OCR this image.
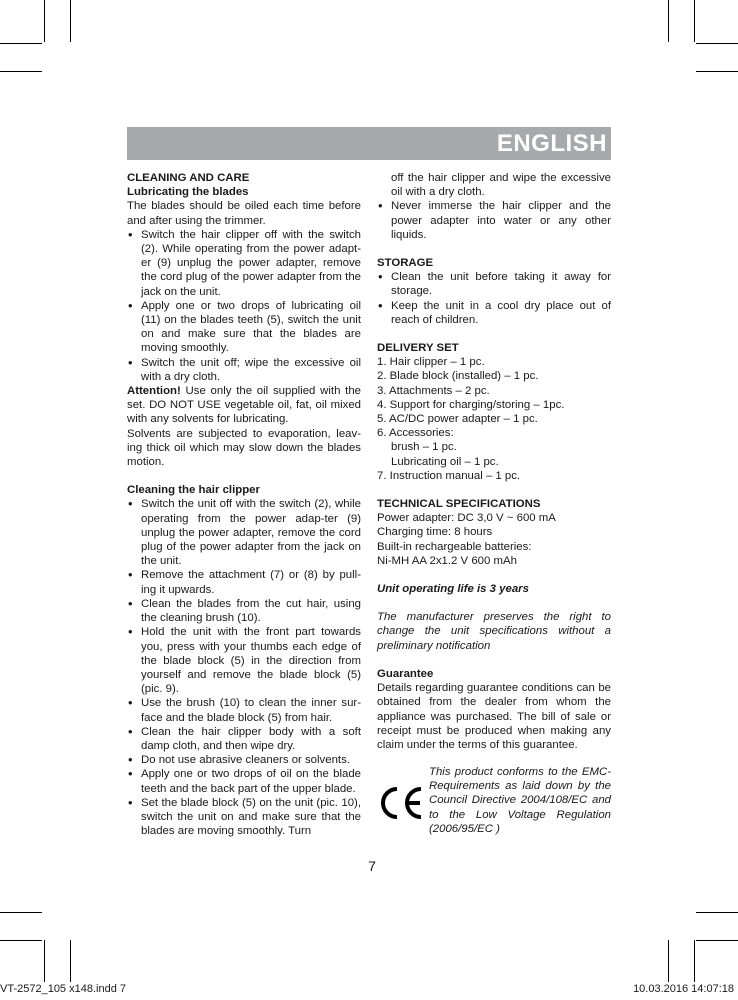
ENGLISH

CLEANING AND CARE

Lubricating the blades

The blades should be oiled each time before and after using the trimmer.

• Switch the hair clipper off with the switch (2). While operating from the power adapt-er (9) unplug the power adapter, remove the cord plug of the power adapter from the jack on the unit.
• Apply one or two drops of lubricating oil (11) on the blades teeth (5), switch the unit on and make sure that the blades are moving smoothly.
• Switch the unit off; wipe the excessive oil with a dry cloth.

Attention! Use only the oil supplied with the set. DO NOT USE vegetable oil, fat, oil mixed with any solvents for lubricating.

Solvents are subjected to evaporation, leav-ing thick oil which may slow down the blades motion.

Cleaning the hair clipper

• Switch the unit off with the switch (2), while operating from the power adap-ter (9) unplug the power adapter, remove the cord plug of the power adapter from the jack on the unit.
• Remove the attachment (7) or (8) by pull-ing it upwards.
• Clean the blades from the cut hair, using the cleaning brush (10).
• Hold the unit with the front part towards you, press with your thumbs each edge of the blade block (5) in the direction from yourself and remove the blade block (5) (pic. 9).
• Use the brush (10) to clean the inner sur-face and the blade block (5) from hair.
• Clean the hair clipper body with a soft damp cloth, and then wipe dry.
• Do not use abrasive cleaners or solvents.
• Apply one or two drops of oil on the blade teeth and the back part of the upper blade.
• Set the blade block (5) on the unit (pic. 10), switch the unit on and make sure that the blades are moving smoothly. Turn

off the hair clipper and wipe the excessive oil with a dry cloth.

• Never immerse the hair clipper and the power adapter into water or any other liquids.

STORAGE

• Clean the unit before taking it away for storage.
• Keep the unit in a cool dry place out of reach of children.

DELIVERY SET

1. Hair clipper – 1 pc.
2. Blade block (installed) – 1 pc.
3. Attachments – 2 pc.
4. Support for charging/storing – 1pc.
5. AC/DC power adapter – 1 pc.
6. Accessories:
brush – 1 pc.
Lubricating oil – 1 pc.
7. Instruction manual – 1 pc.

TECHNICAL SPECIFICATIONS

Power adapter: DC 3,0 V ~ 600 mA

Charging time: 8 hours

Built-in rechargeable batteries:

Ni-MH AA 2x1.2 V 600 mAh

Unit operating life is 3 years

The manufacturer preserves the right to change the unit specifications without a preliminary notification

Guarantee

Details regarding guarantee conditions can be obtained from the dealer from whom the appliance was purchased. The bill of sale or receipt must be produced when making any claim under the terms of this guarantee.

This product conforms to the EMC-Requirements as laid down by the Council Directive 2004/108/EC and to the Low Voltage Regulation (2006/95/EC )
7
VT-2572_105 x148.indd 7	10.03.2016 14:07:18
